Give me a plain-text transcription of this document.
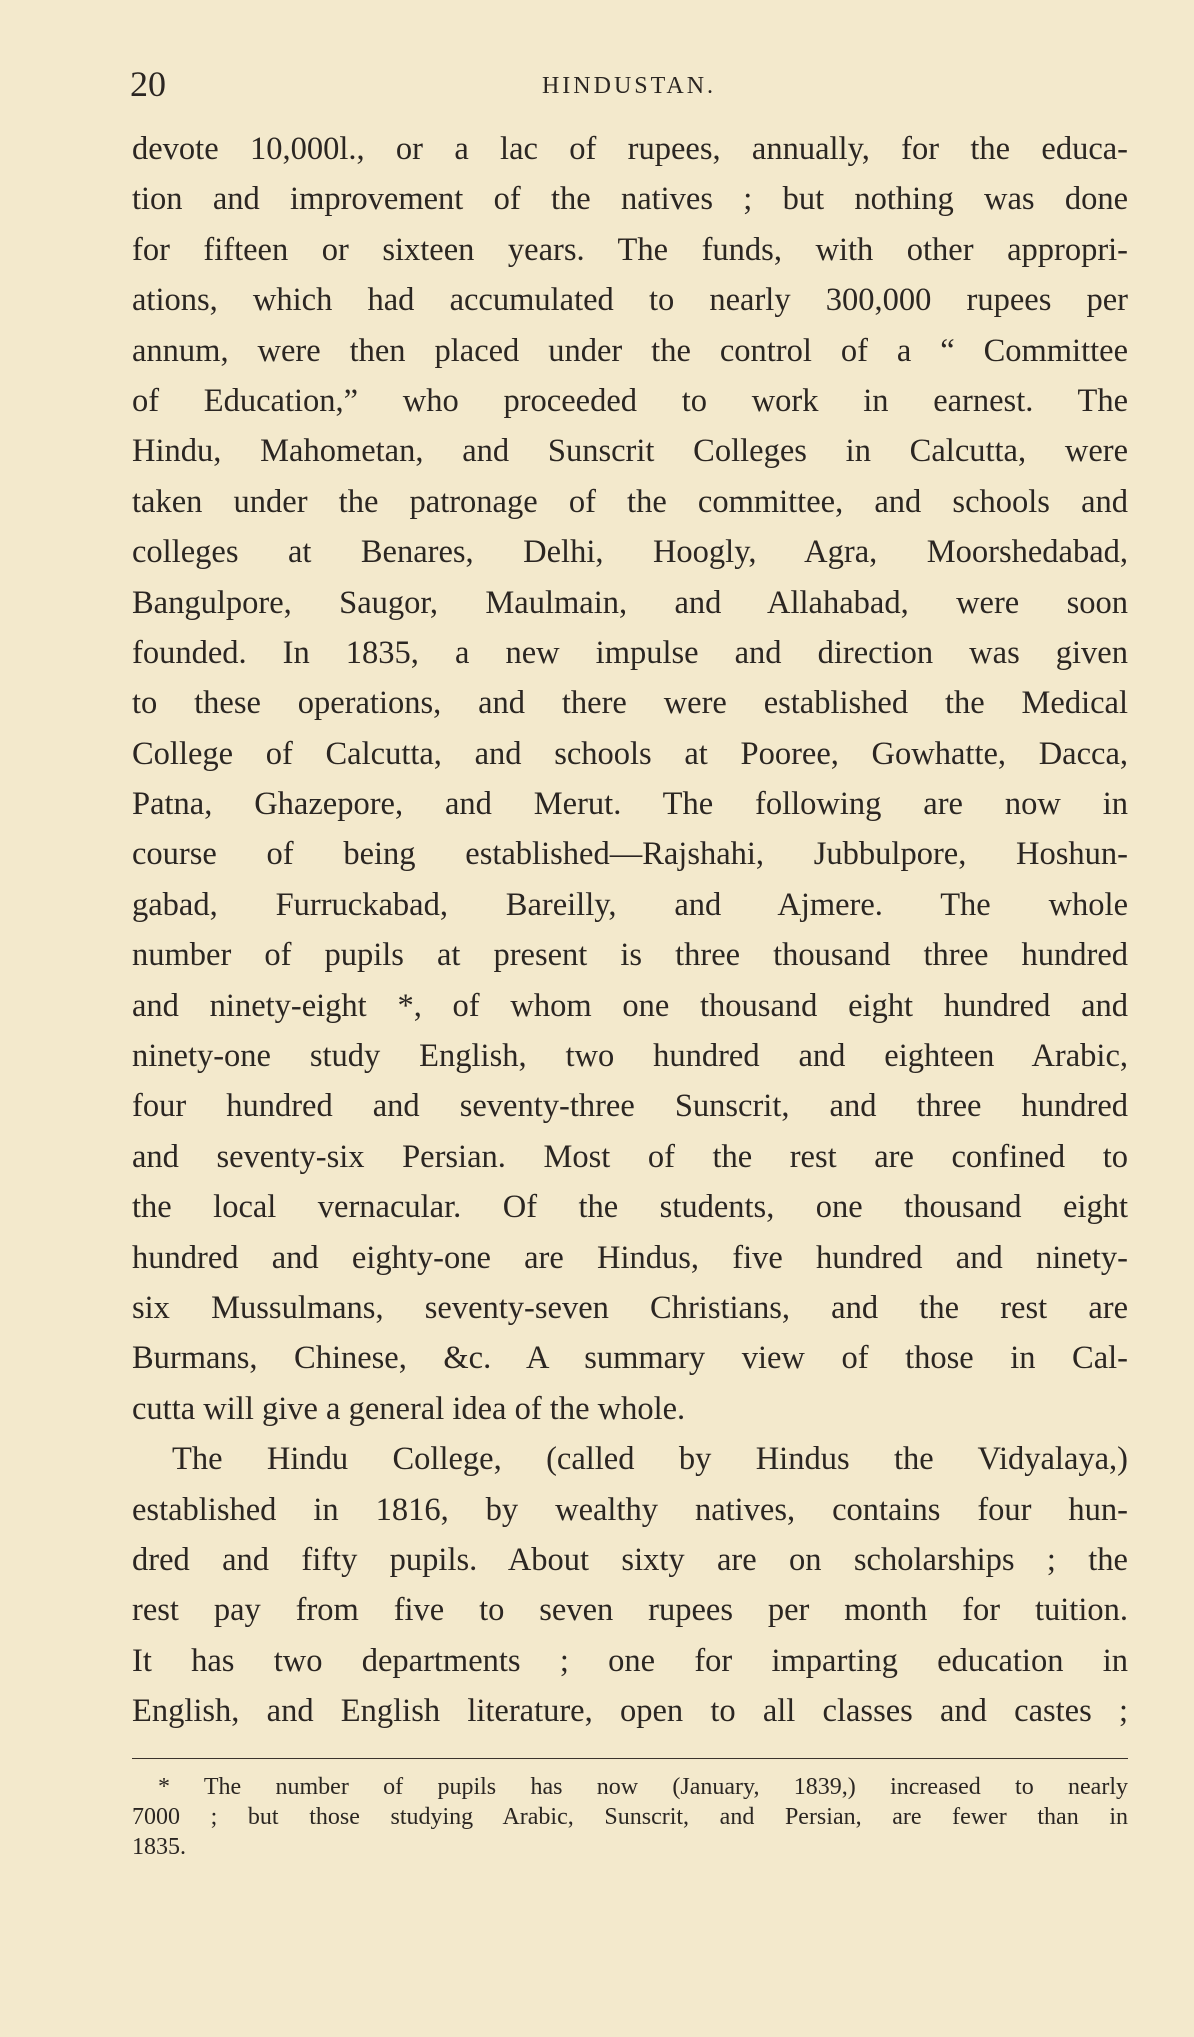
20	HINDUSTAN.
devote 10,000l., or a lac of rupees, annually, for the educa-
tion and improvement of the natives ; but nothing was done
for fifteen or sixteen years. The funds, with other appropri-
ations, which had accumulated to nearly 300,000 rupees per
annum, were then placed under the control of a “ Committee
of Education,” who proceeded to work in earnest. The
Hindu, Mahometan, and Sunscrit Colleges in Calcutta, were
taken under the patronage of the committee, and schools and
colleges at Benares, Delhi, Hoogly, Agra, Moorshedabad,
Bangulpore, Saugor, Maulmain, and Allahabad, were soon
founded. In 1835, a new impulse and direction was given
to these operations, and there were established the Medical
College of Calcutta, and schools at Pooree, Gowhatte, Dacca,
Patna, Ghazepore, and Merut. The following are now in
course of being established—Rajshahi, Jubbulpore, Hoshun-
gabad, Furruckabad, Bareilly, and Ajmere. The whole
number of pupils at present is three thousand three hundred
and ninety-eight *, of whom one thousand eight hundred and
ninety-one study English, two hundred and eighteen Arabic,
four hundred and seventy-three Sunscrit, and three hundred
and seventy-six Persian. Most of the rest are confined to
the local vernacular. Of the students, one thousand eight
hundred and eighty-one are Hindus, five hundred and ninety-
six Mussulmans, seventy-seven Christians, and the rest are
Burmans, Chinese, &c. A summary view of those in Cal-
cutta will give a general idea of the whole.
The Hindu College, (called by Hindus the Vidyalaya,)
established in 1816, by wealthy natives, contains four hun-
dred and fifty pupils. About sixty are on scholarships ; the
rest pay from five to seven rupees per month for tuition.
It has two departments ; one for imparting education in
English, and English literature, open to all classes and castes ;
* The number of pupils has now (January, 1839,) increased to nearly
7000 ; but those studying Arabic, Sunscrit, and Persian, are fewer than in
1835.
